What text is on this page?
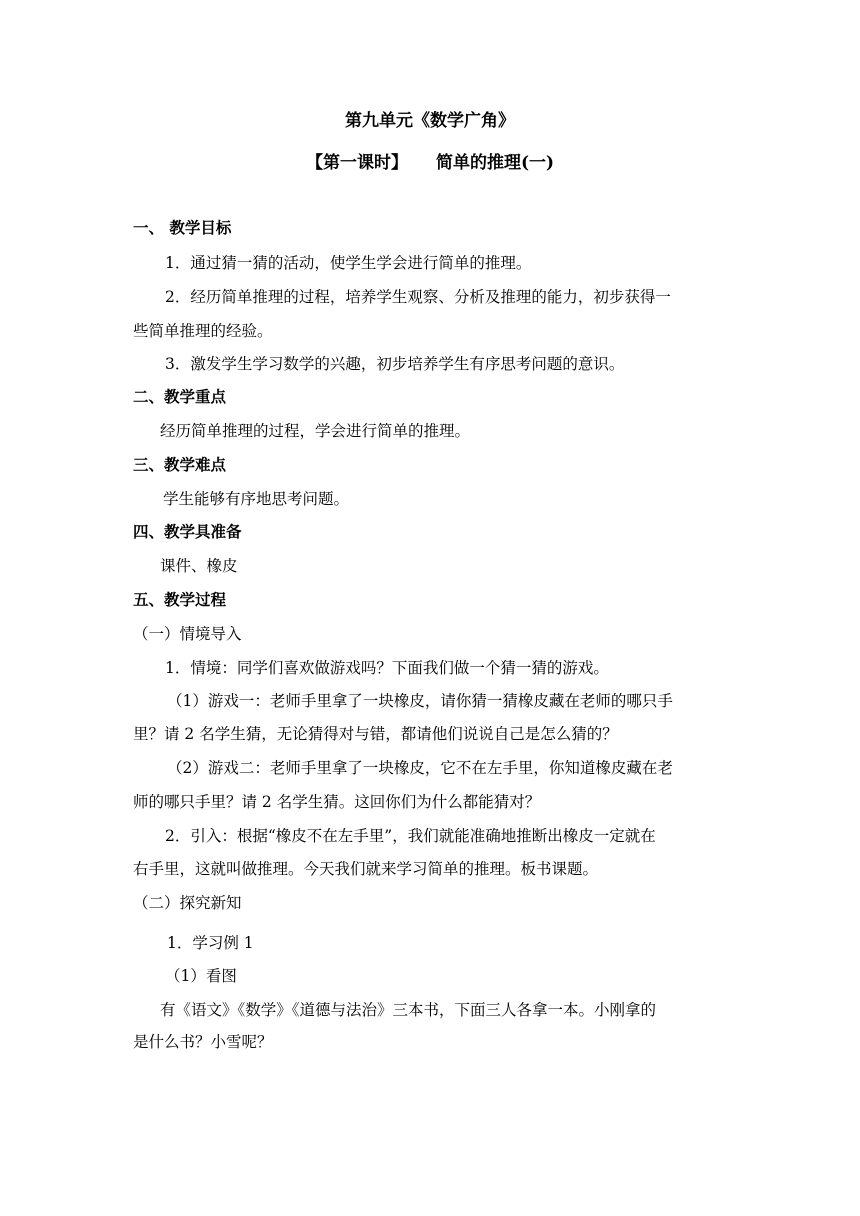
第九单元《数学广角》
【第一课时】 简单的推理(一)
一、 教学目标
1．通过猜一猜的活动，使学生学会进行简单的推理。
2．经历简单推理的过程，培养学生观察、分析及推理的能力，初步获得一
些简单推理的经验。
3．激发学生学习数学的兴趣，初步培养学生有序思考问题的意识。
二、教学重点
经历简单推理的过程，学会进行简单的推理。
三、教学难点
学生能够有序地思考问题。
四、教学具准备
课件、橡皮
五、教学过程
（一）情境导入
1．情境：同学们喜欢做游戏吗？下面我们做一个猜一猜的游戏。
（1）游戏一：老师手里拿了一块橡皮，请你猜一猜橡皮藏在老师的哪只手
里？请 2 名学生猜，无论猜得对与错，都请他们说说自己是怎么猜的？
（2）游戏二：老师手里拿了一块橡皮，它不在左手里，你知道橡皮藏在老
师的哪只手里？请 2 名学生猜。这回你们为什么都能猜对？
2．引入：根据“橡皮不在左手里”，我们就能准确地推断出橡皮一定就在
右手里，这就叫做推理。今天我们就来学习简单的推理。板书课题。
（二）探究新知
1．学习例 1
（1）看图
有《语文》《数学》《道德与法治》三本书，下面三人各拿一本。小刚拿的
是什么书？小雪呢？
